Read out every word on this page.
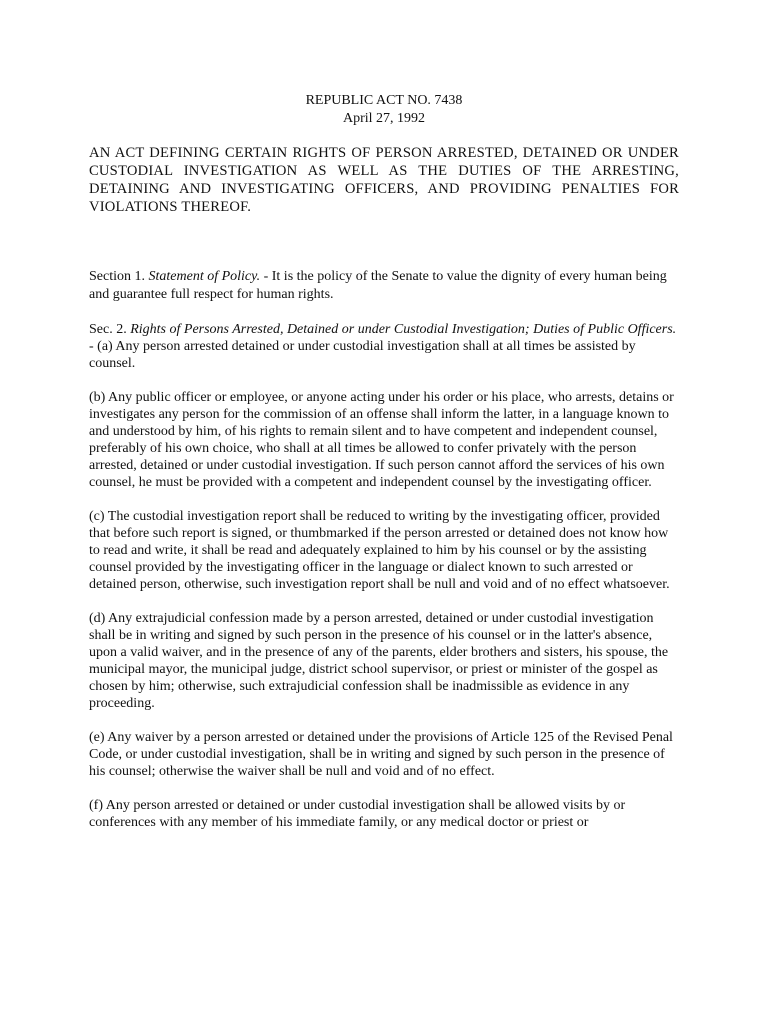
REPUBLIC ACT NO. 7438
April 27, 1992
AN ACT DEFINING CERTAIN RIGHTS OF PERSON ARRESTED, DETAINED OR UNDER CUSTODIAL INVESTIGATION AS WELL AS THE DUTIES OF THE ARRESTING, DETAINING AND INVESTIGATING OFFICERS, AND PROVIDING PENALTIES FOR VIOLATIONS THEREOF.

Section 1. Statement of Policy. - It is the policy of the Senate to value the dignity of every human being and guarantee full respect for human rights.

Sec. 2. Rights of Persons Arrested, Detained or under Custodial Investigation; Duties of Public Officers. - (a) Any person arrested detained or under custodial investigation shall at all times be assisted by counsel.

(b) Any public officer or employee, or anyone acting under his order or his place, who arrests, detains or investigates any person for the commission of an offense shall inform the latter, in a language known to and understood by him, of his rights to remain silent and to have competent and independent counsel, preferably of his own choice, who shall at all times be allowed to confer privately with the person arrested, detained or under custodial investigation. If such person cannot afford the services of his own counsel, he must be provided with a competent and independent counsel by the investigating officer.

(c) The custodial investigation report shall be reduced to writing by the investigating officer, provided that before such report is signed, or thumbmarked if the person arrested or detained does not know how to read and write, it shall be read and adequately explained to him by his counsel or by the assisting counsel provided by the investigating officer in the language or dialect known to such arrested or detained person, otherwise, such investigation report shall be null and void and of no effect whatsoever.

(d) Any extrajudicial confession made by a person arrested, detained or under custodial investigation shall be in writing and signed by such person in the presence of his counsel or in the latter's absence, upon a valid waiver, and in the presence of any of the parents, elder brothers and sisters, his spouse, the municipal mayor, the municipal judge, district school supervisor, or priest or minister of the gospel as chosen by him; otherwise, such extrajudicial confession shall be inadmissible as evidence in any proceeding.

(e) Any waiver by a person arrested or detained under the provisions of Article 125 of the Revised Penal Code, or under custodial investigation, shall be in writing and signed by such person in the presence of his counsel; otherwise the waiver shall be null and void and of no effect.

(f) Any person arrested or detained or under custodial investigation shall be allowed visits by or conferences with any member of his immediate family, or any medical doctor or priest or
